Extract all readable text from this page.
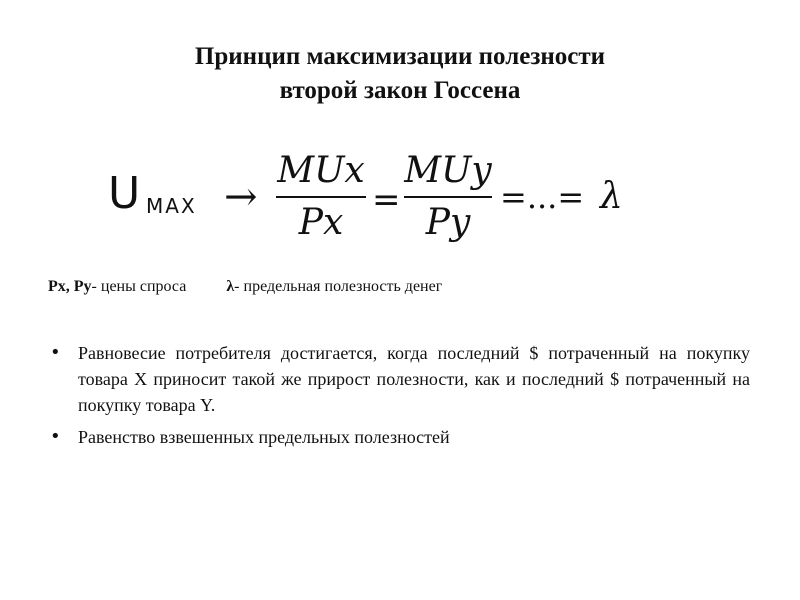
Принцип максимизации полезности
второй закон Госсена
U MAX →
MUx
Px
=
MUy
Py
=...= λ
Px, Py- цены спроса	λ- предельная полезность денег
• Равновесие потребителя достигается, когда последний $ потраченный на покупку товара X приносит такой же прирост полезности, как и последний $ потраченный на покупку товара Y.
• Равенство взвешенных предельных полезностей
